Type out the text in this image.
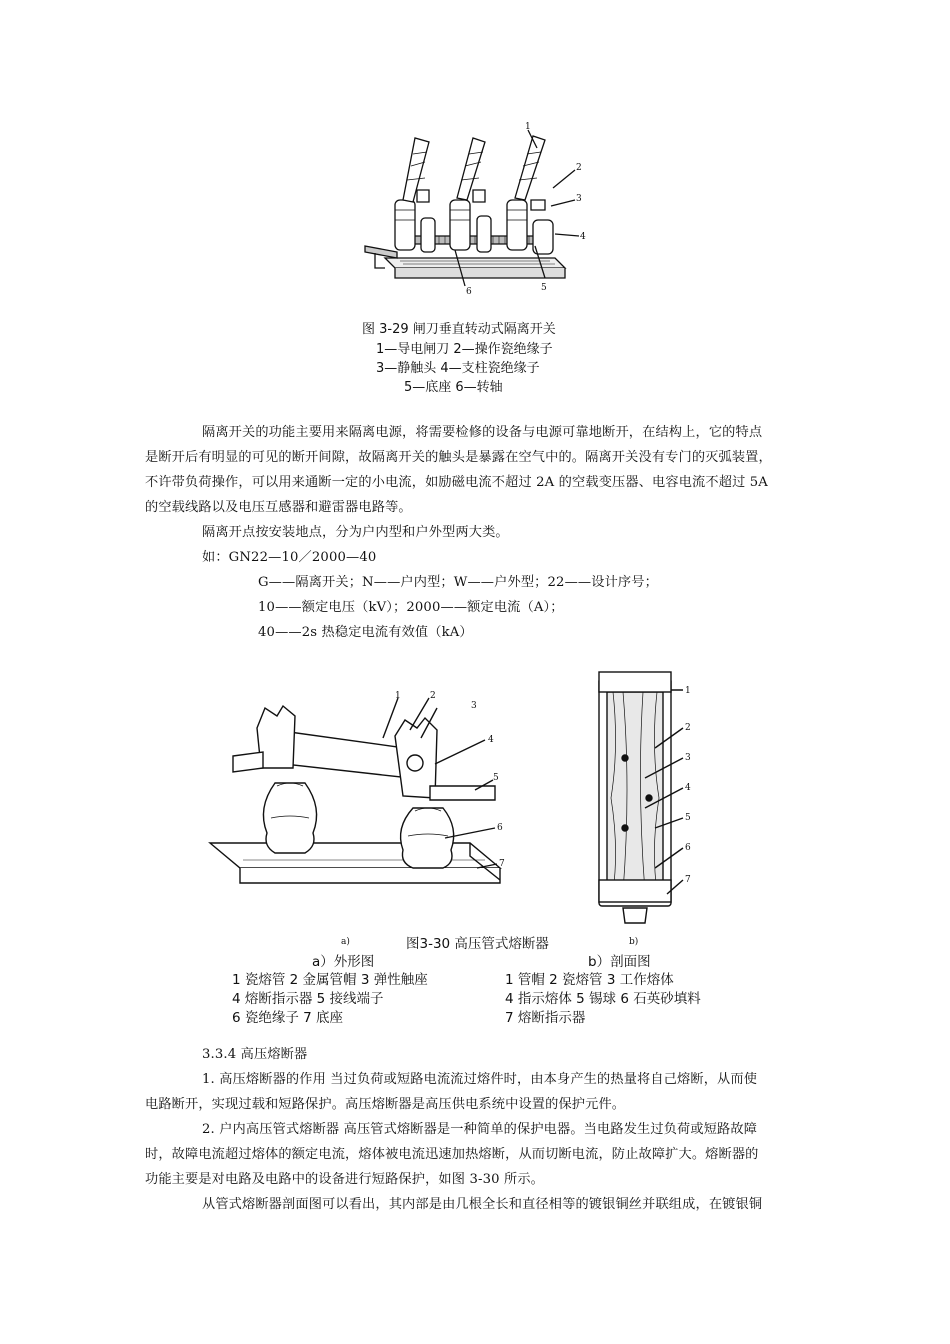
1
2
3
4
5
6
图 3-29 闸刀垂直转动式隔离开关
1—导电闸刀 2—操作瓷绝缘子
3—静触头 4—支柱瓷绝缘子
5—底座 6—转轴
隔离开关的功能主要用来隔离电源，将需要检修的设备与电源可靠地断开，在结构上，它的特点
是断开后有明显的可见的断开间隙，故隔离开关的触头是暴露在空气中的。隔离开关没有专门的灭弧装置，
不许带负荷操作，可以用来通断一定的小电流，如励磁电流不超过 2A 的空载变压器、电容电流不超过 5A
的空载线路以及电压互感器和避雷器电路等。
隔离开点按安装地点，分为户内型和户外型两大类。
如：GN22—10／2000—40
G——隔离开关；N——户内型；W——户外型；22——设计序号；
10——额定电压（kV）；2000——额定电流（A）；
40——2s 热稳定电流有效值（kA）
1	2
3
4
5
6
7
1
2
3
4
5
6
7
a)	b)
图3-30 高压管式熔断器
a）外形图	b）剖面图
1 瓷熔管 2 金属管帽 3 弹性触座
4 熔断指示器 5 接线端子
6 瓷绝缘子 7 底座
1 管帽 2 瓷熔管 3 工作熔体
4 指示熔体 5 锡球 6 石英砂填料
7 熔断指示器
3.3.4 高压熔断器
1. 高压熔断器的作用 当过负荷或短路电流流过熔件时，由本身产生的热量将自己熔断，从而使
电路断开，实现过载和短路保护。高压熔断器是高压供电系统中设置的保护元件。
2. 户内高压管式熔断器 高压管式熔断器是一种简单的保护电器。当电路发生过负荷或短路故障
时，故障电流超过熔体的额定电流，熔体被电流迅速加热熔断，从而切断电流，防止故障扩大。熔断器的
功能主要是对电路及电路中的设备进行短路保护，如图 3-30 所示。
从管式熔断器剖面图可以看出，其内部是由几根全长和直径相等的镀银铜丝并联组成，在镀银铜
